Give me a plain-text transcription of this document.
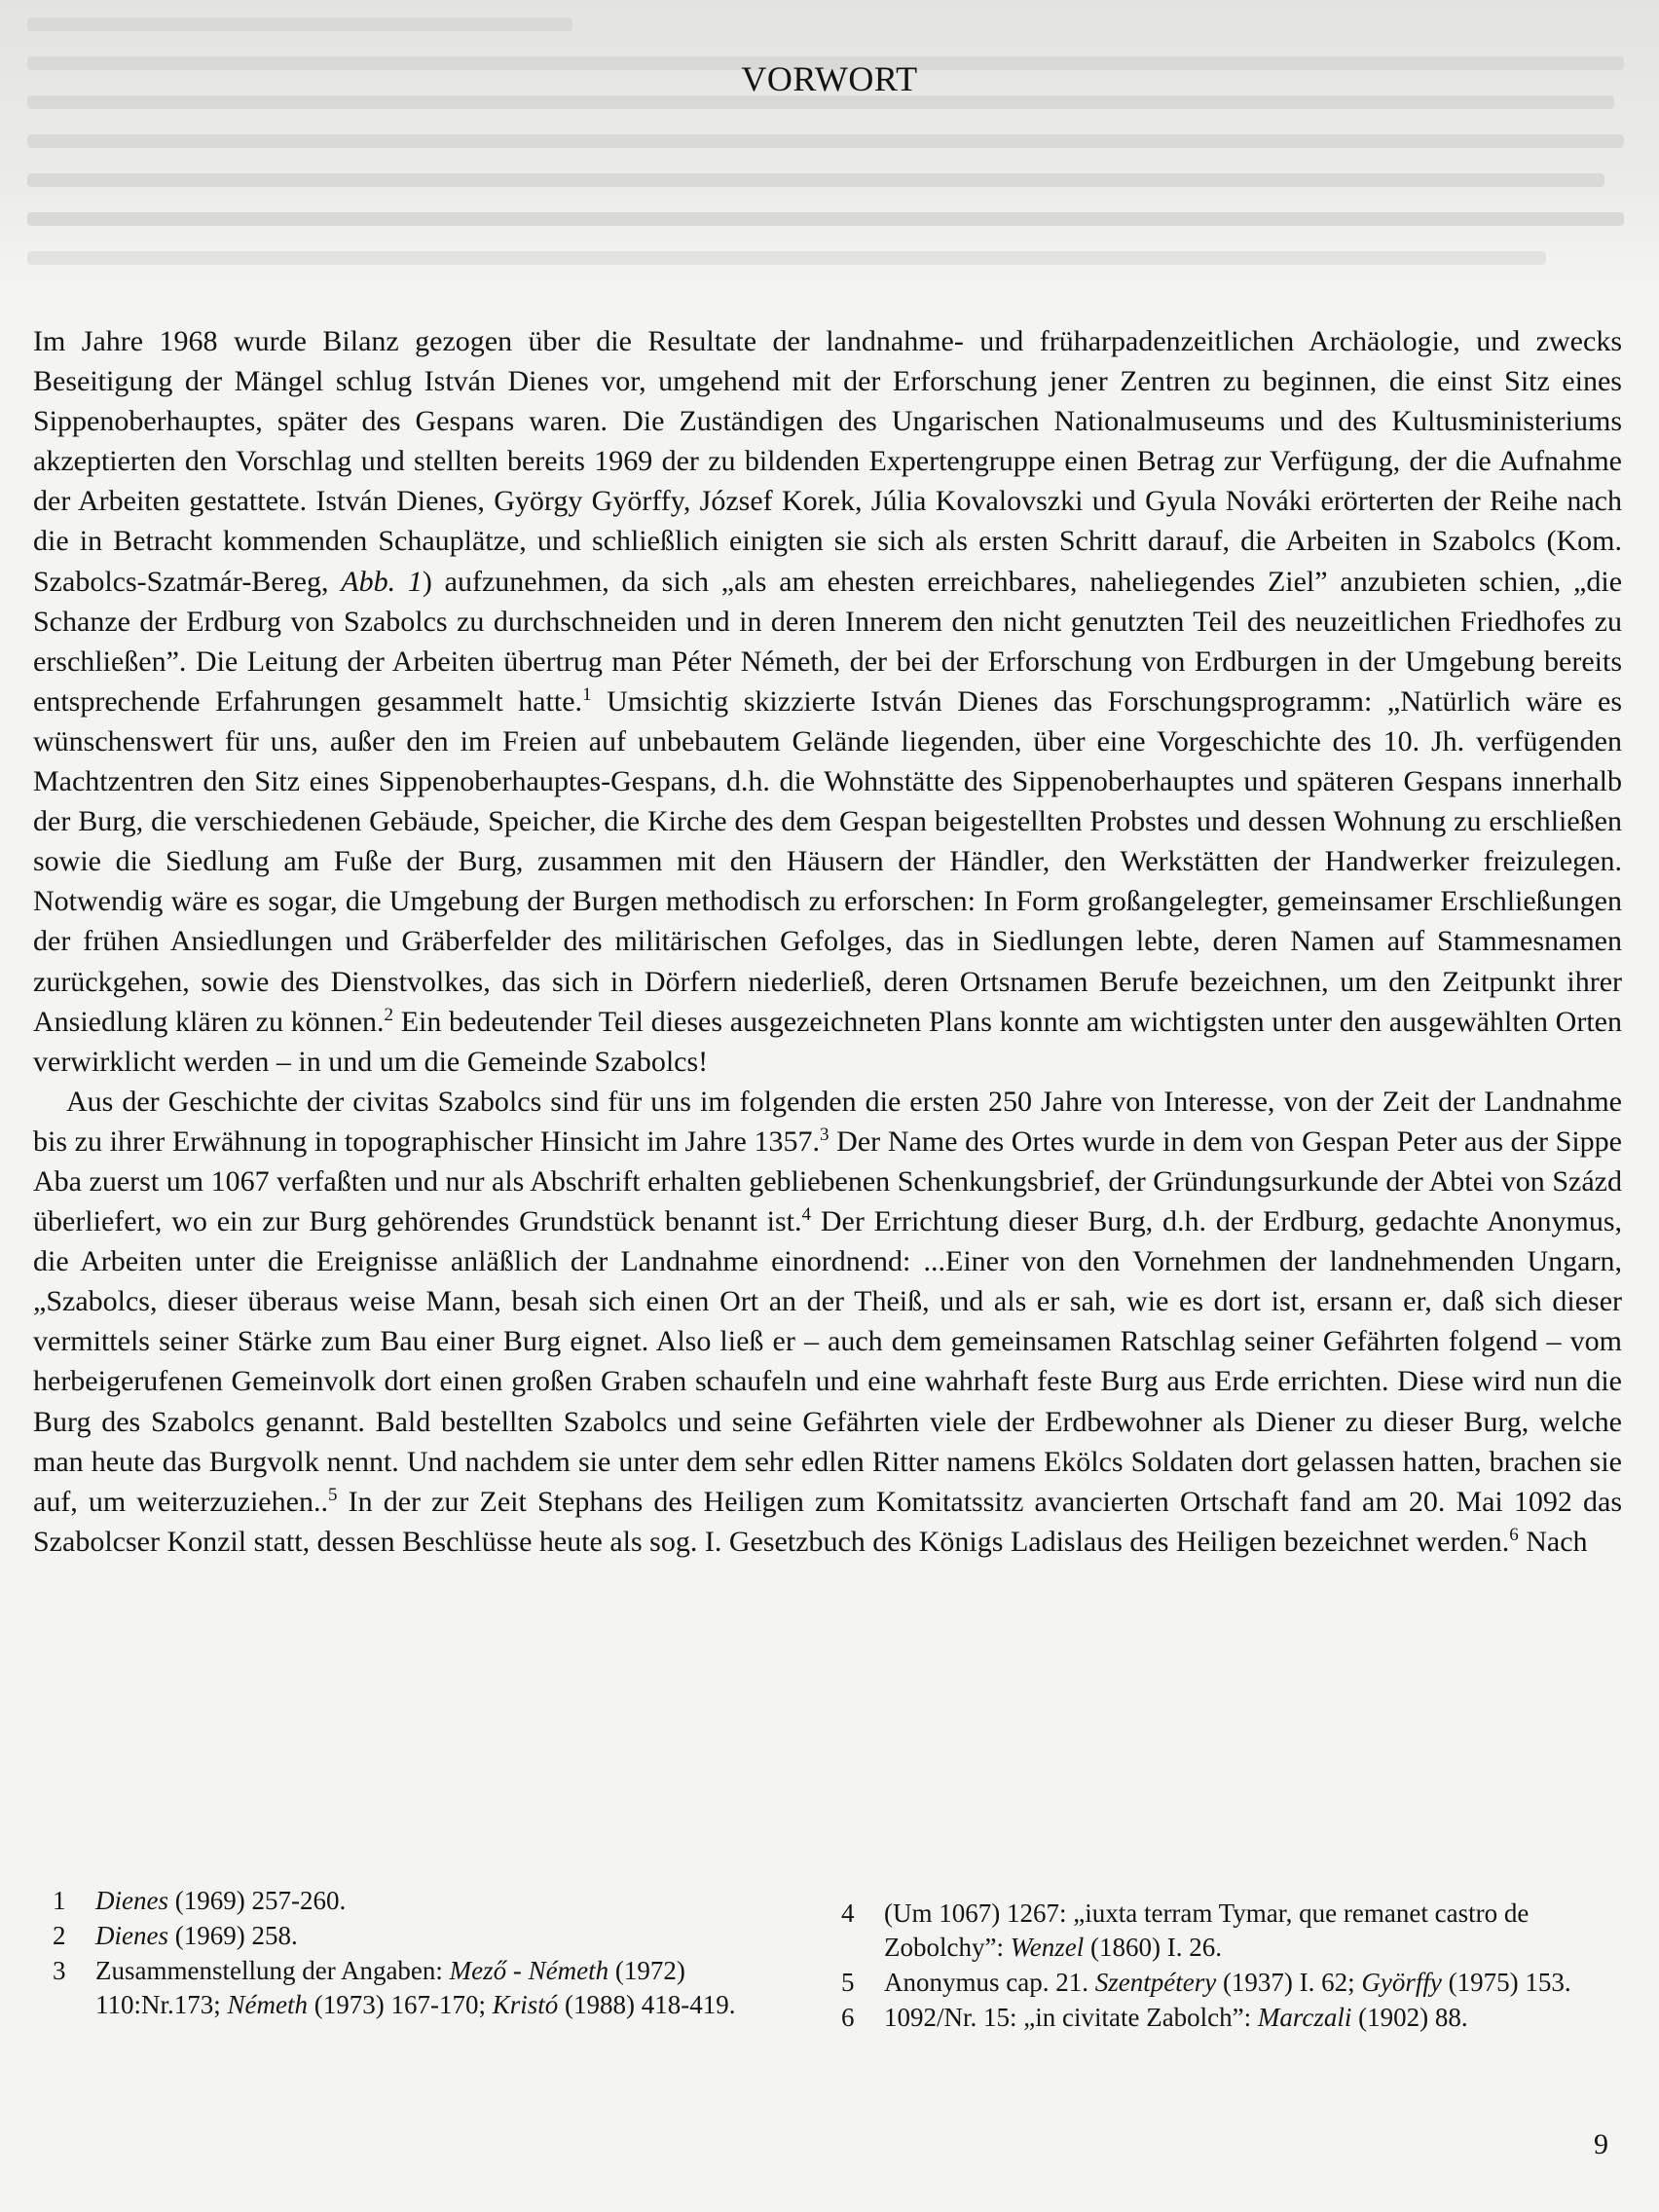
VORWORT

Im Jahre 1968 wurde Bilanz gezogen über die Resultate der landnahme- und früharpadenzeitlichen Archäologie, und zwecks Beseitigung der Mängel schlug István Dienes vor, umgehend mit der Erforschung jener Zentren zu beginnen, die einst Sitz eines Sippenoberhauptes, später des Gespans waren. Die Zuständigen des Ungarischen Nationalmuseums und des Kultusministeriums akzeptierten den Vorschlag und stellten bereits 1969 der zu bildenden Expertengruppe einen Betrag zur Verfügung, der die Aufnahme der Arbeiten gestattete. István Dienes, György Györffy, József Korek, Júlia Kovalovszki und Gyula Nováki erörterten der Reihe nach die in Betracht kommenden Schauplätze, und schließlich einigten sie sich als ersten Schritt darauf, die Arbeiten in Szabolcs (Kom. Szabolcs-Szatmár-Bereg, Abb. 1) aufzunehmen, da sich „als am ehesten erreichbares, naheliegendes Ziel” anzubieten schien, „die Schanze der Erdburg von Szabolcs zu durchschneiden und in deren Innerem den nicht genutzten Teil des neuzeitlichen Friedhofes zu erschließen”. Die Leitung der Arbeiten übertrug man Péter Németh, der bei der Erforschung von Erdburgen in der Umgebung bereits entsprechende Erfahrungen gesammelt hatte.$^1$ Umsichtig skizzierte István Dienes das Forschungsprogramm: „Natürlich wäre es wünschenswert für uns, außer den im Freien auf unbebautem Gelände liegenden, über eine Vorgeschichte des 10. Jh. verfügenden Machtzentren den Sitz eines Sippenoberhauptes-Gespans, d.h. die Wohnstätte des Sippenoberhauptes und späteren Gespans innerhalb der Burg, die verschiedenen Gebäude, Speicher, die Kirche des dem Gespan beigestellten Probstes und dessen Wohnung zu erschließen sowie die Siedlung am Fuße der Burg, zusammen mit den Häusern der Händler, den Werkstätten der Handwerker freizulegen. Notwendig wäre es sogar, die Umgebung der Burgen methodisch zu erforschen: In Form großangelegter, gemeinsamer Erschließungen der frühen Ansiedlungen und Gräberfelder des militärischen Gefolges, das in Siedlungen lebte, deren Namen auf Stammesnamen zurückgehen, sowie des Dienstvolkes, das sich in Dörfern niederließ, deren Ortsnamen Berufe bezeichnen, um den Zeitpunkt ihrer Ansiedlung klären zu können.$^2$ Ein bedeutender Teil dieses ausgezeichneten Plans konnte am wichtigsten unter den ausgewählten Orten verwirklicht werden – in und um die Gemeinde Szabolcs!

Aus der Geschichte der civitas Szabolcs sind für uns im folgenden die ersten 250 Jahre von Interesse, von der Zeit der Landnahme bis zu ihrer Erwähnung in topographischer Hinsicht im Jahre 1357.$^3$ Der Name des Ortes wurde in dem von Gespan Peter aus der Sippe Aba zuerst um 1067 verfaßten und nur als Abschrift erhalten gebliebenen Schenkungsbrief, der Gründungsurkunde der Abtei von Százd überliefert, wo ein zur Burg gehörendes Grundstück benannt ist.$^4$ Der Errichtung dieser Burg, d.h. der Erdburg, gedachte Anonymus, die Arbeiten unter die Ereignisse anläßlich der Landnahme einordnend: ...Einer von den Vornehmen der landnehmenden Ungarn, „Szabolcs, dieser überaus weise Mann, besah sich einen Ort an der Theiß, und als er sah, wie es dort ist, ersann er, daß sich dieser vermittels seiner Stärke zum Bau einer Burg eignet. Also ließ er – auch dem gemeinsamen Ratschlag seiner Gefährten folgend – vom herbeigerufenen Gemeinvolk dort einen großen Graben schaufeln und eine wahrhaft feste Burg aus Erde errichten. Diese wird nun die Burg des Szabolcs genannt. Bald bestellten Szabolcs und seine Gefährten viele der Erdbewohner als Diener zu dieser Burg, welche man heute das Burgvolk nennt. Und nachdem sie unter dem sehr edlen Ritter namens Ekölcs Soldaten dort gelassen hatten, brachen sie auf, um weiterzuziehen..$^5$ In der zur Zeit Stephans des Heiligen zum Komitatssitz avancierten Ortschaft fand am 20. Mai 1092 das Szabolcser Konzil statt, dessen Beschlüsse heute als sog. I. Gesetzbuch des Königs Ladislaus des Heiligen bezeichnet werden.$^6$ Nach

1	Dienes (1969) 257-260.
2	Dienes (1969) 258.
3	Zusammenstellung der Angaben: Mező - Németh (1972) 110:Nr.173; Németh (1973) 167-170; Kristó (1988) 418-419.
4	(Um 1067) 1267: „iuxta terram Tymar, que remanet castro de Zobolchy”: Wenzel (1860) I. 26.
5	Anonymus cap. 21. Szentpétery (1937) I. 62; Györffy (1975) 153.
6	1092/Nr. 15: „in civitate Zabolch”: Marczali (1902) 88.
9
